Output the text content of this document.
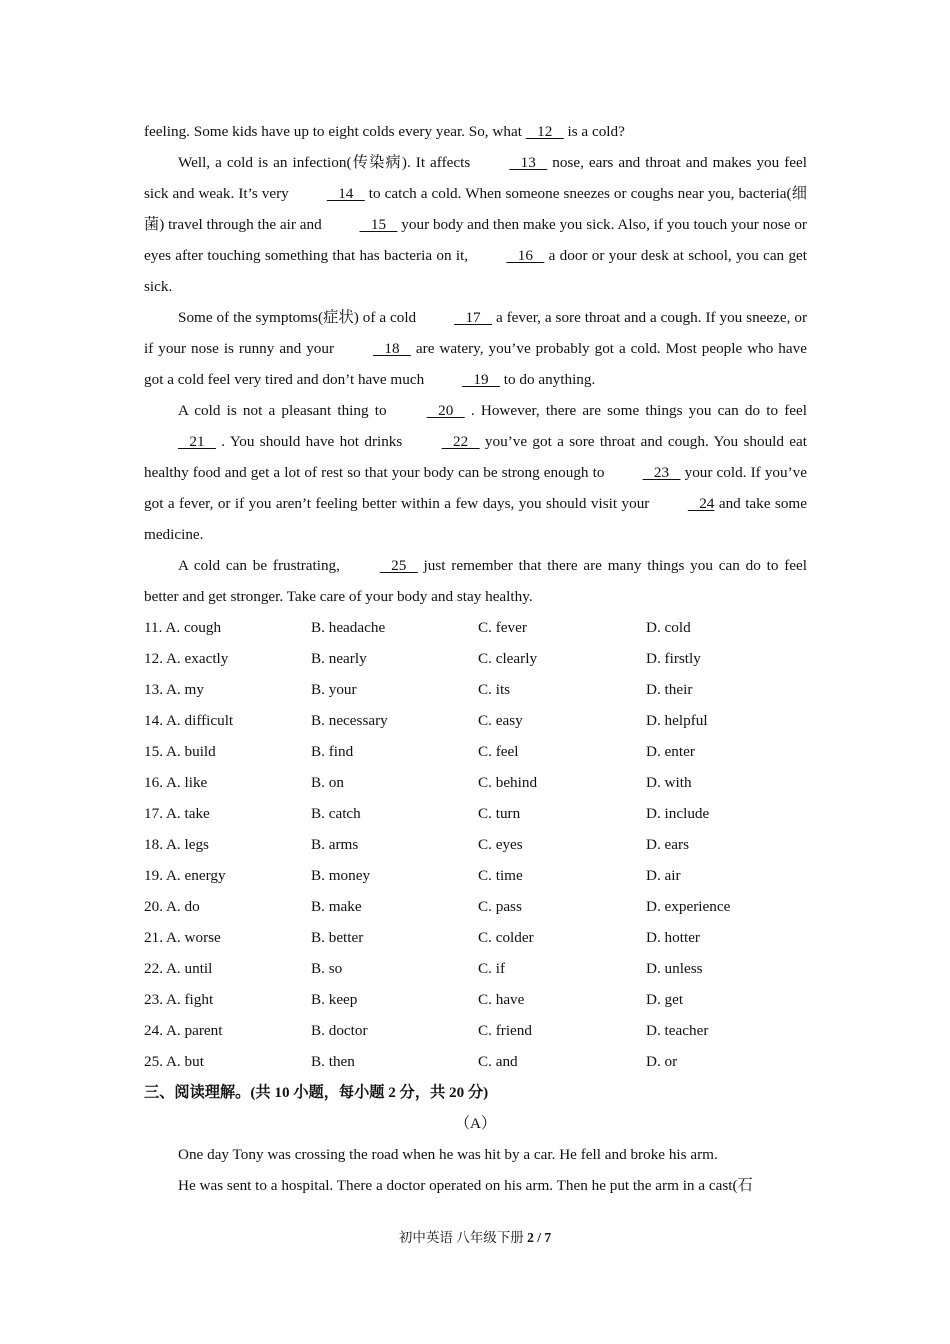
feeling. Some kids have up to eight colds every year. So, what    12    is a cold?

Well, a cold is an infection(传染病). It affects    13    nose, ears and throat and makes you feel sick and weak. It’s very    14    to catch a cold. When someone sneezes or coughs near you, bacteria(细菌) travel through the air and    15    your body and then make you sick. Also, if you touch your nose or eyes after touching something that has bacteria on it,    16    a door or your desk at school, you can get sick.

Some of the symptoms(症状) of a cold    17    a fever, a sore throat and a cough. If you sneeze, or if your nose is runny and your    18    are watery, you’ve probably got a cold. Most people who have got a cold feel very tired and don’t have much    19    to do anything.

A cold is not a pleasant thing to    20    . However, there are some things you can do to feel    21    . You should have hot drinks    22    you’ve got a sore throat and cough. You should eat healthy food and get a lot of rest so that your body can be strong enough to    23    your cold. If you’ve got a fever, or if you aren’t feeling better within a few days, you should visit your    24 and take some medicine.

A cold can be frustrating,    25    just remember that there are many things you can do to feel better and get stronger. Take care of your body and stay healthy.

11. A. cough	B. headache	C. fever	D. cold
12. A. exactly	B. nearly	C. clearly	D. firstly
13. A. my	B. your	C. its	D. their
14. A. difficult	B. necessary	C. easy	D. helpful
15. A. build	B. find	C. feel	D. enter
16. A. like	B. on	C. behind	D. with
17. A. take	B. catch	C. turn	D. include
18. A. legs	B. arms	C. eyes	D. ears
19. A. energy	B. money	C. time	D. air
20. A. do	B. make	C. pass	D. experience
21. A. worse	B. better	C. colder	D. hotter
22. A. until	B. so	C. if	D. unless
23. A. fight	B. keep	C. have	D. get
24. A. parent	B. doctor	C. friend	D. teacher
25. A. but	B. then	C. and	D. or

三、阅读理解。(共 10 小题，每小题 2 分，共 20 分)

（A）

One day Tony was crossing the road when he was hit by a car. He fell and broke his arm.

He was sent to a hospital. There a doctor operated on his arm. Then he put the arm in a cast(石

初中英语 八年级下册 2 / 7
